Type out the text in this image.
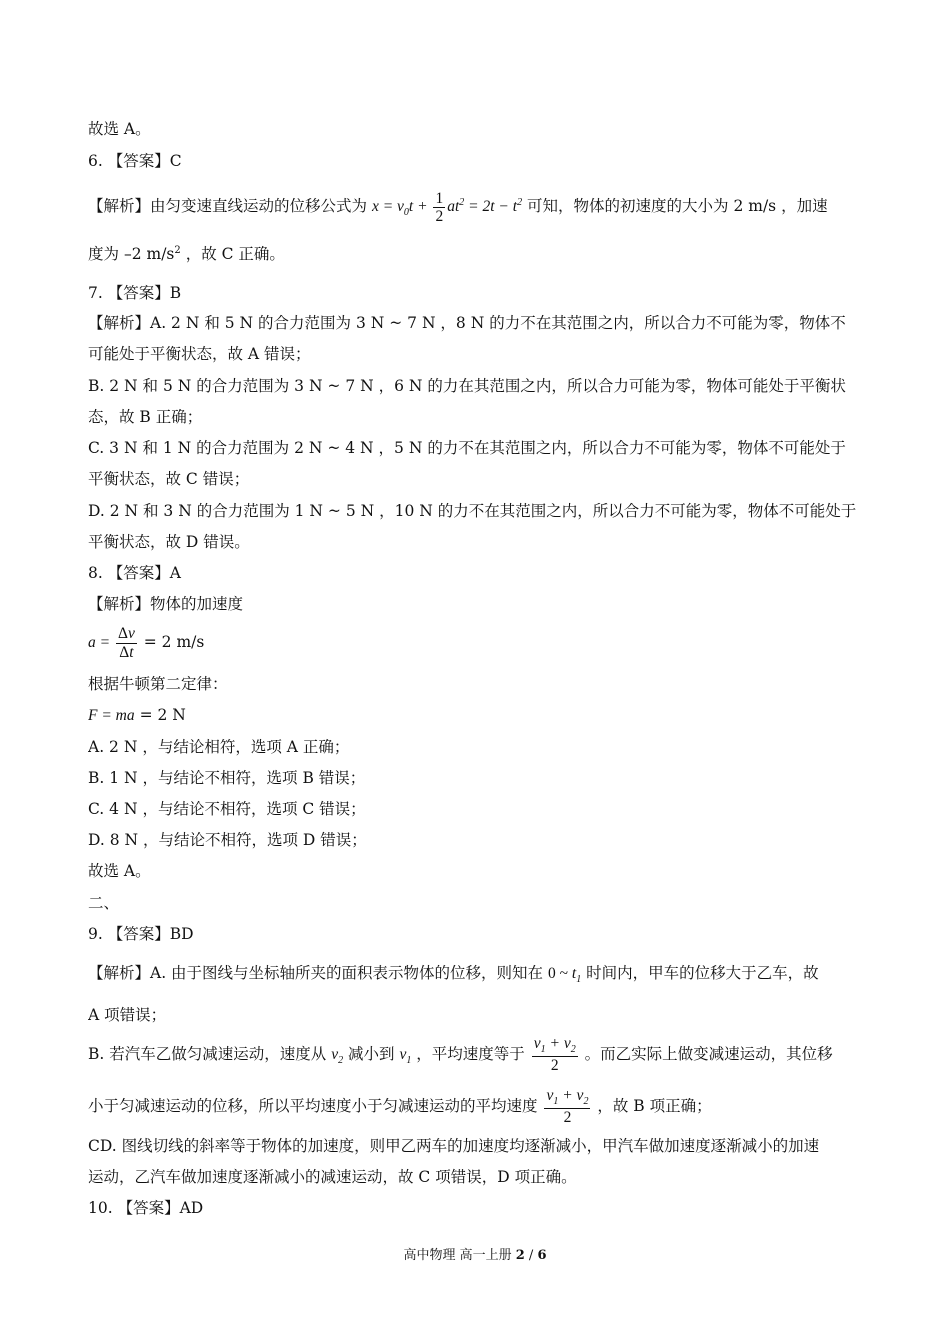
故选 A。
6. 【答案】C
【解析】由匀变速直线运动的位移公式为 $x = v_0t + \frac{1}{2} at^2 = 2t - t^2$ 可知，物体的初速度的大小为 2 m/s ，加速
度为 –2 $m/s^2$ ，故 C 正确。
7. 【答案】B
【解析】A. 2 N 和 5 N 的合力范围为 3 N ~ 7 N ，8 N 的力不在其范围之内，所以合力不可能为零，物体不
可能处于平衡状态，故 A 错误；
B. 2 N 和 5 N 的合力范围为 3 N ~ 7 N ，6 N 的力在其范围之内，所以合力可能为零，物体可能处于平衡状
态，故 B 正确；
C. 3 N 和 1 N 的合力范围为 2 N ~ 4 N ，5 N 的力不在其范围之内，所以合力不可能为零，物体不可能处于
平衡状态，故 C 错误；
D. 2 N 和 3 N 的合力范围为 1 N ~ 5 N ，10 N 的力不在其范围之内，所以合力不可能为零，物体不可能处于
平衡状态，故 D 错误。
8. 【答案】A
【解析】物体的加速度
$a = \frac{\Delta v}{\Delta t} = 2$ m/s
根据牛顿第二定律：
F = ma = 2 N
A. 2 N ，与结论相符，选项 A 正确；
B. 1 N ，与结论不相符，选项 B 错误；
C. 4 N ，与结论不相符，选项 C 错误；
D. 8 N ，与结论不相符，选项 D 错误；
故选 A。
二、
9. 【答案】BD
【解析】A. 由于图线与坐标轴所夹的面积表示物体的位移，则知在 0 ~ $t_1$ 时间内，甲车的位移大于乙车，故
A 项错误；
B. 若汽车乙做匀减速运动，速度从 $v_2$ 减小到 $v_1$ ，平均速度等于 $\frac{v_1 + v_2}{2}$ 。而乙实际上做变减速运动，其位移
小于匀减速运动的位移，所以平均速度小于匀减速运动的平均速度 $\frac{v_1 + v_2}{2}$ ，故 B 项正确；
CD. 图线切线的斜率等于物体的加速度，则甲乙两车的加速度均逐渐减小，甲汽车做加速度逐渐减小的加速
运动，乙汽车做加速度逐渐减小的减速运动，故 C 项错误，D 项正确。
10. 【答案】AD
高中物理 高一上册 2 / 6
